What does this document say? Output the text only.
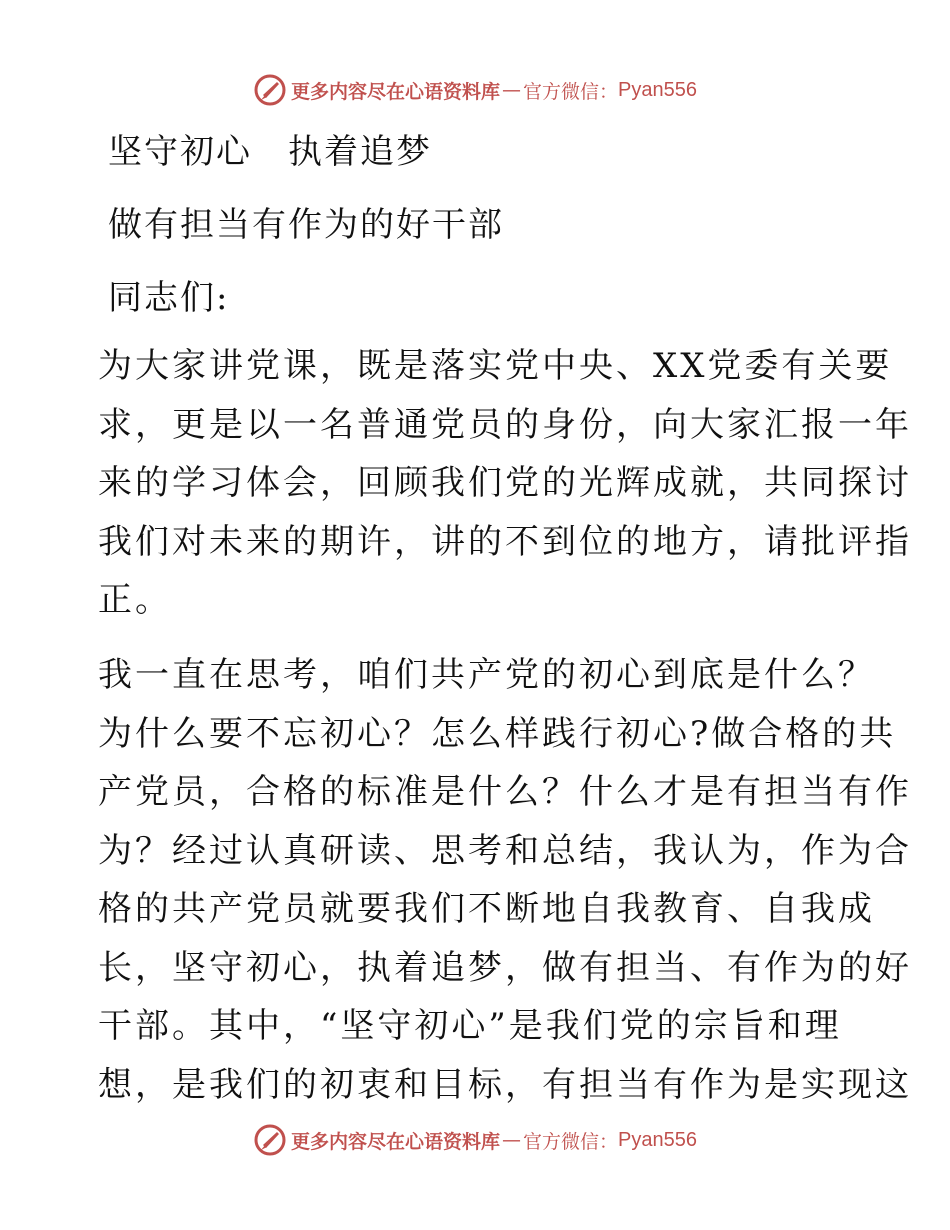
更多内容尽在心语资料库 — 官方微信： Pyan556
坚守初心　执着追梦
做有担当有作为的好干部
同志们:
为大家讲党课，既是落实党中央、XX党委有关要
求，更是以一名普通党员的身份，向大家汇报一年
来的学习体会，回顾我们党的光辉成就，共同探讨
我们对未来的期许，讲的不到位的地方，请批评指
正。
我一直在思考，咱们共产党的初心到底是什么？
为什么要不忘初心？怎么样践行初心?做合格的共
产党员，合格的标准是什么？什么才是有担当有作
为？经过认真研读、思考和总结，我认为，作为合
格的共产党员就要我们不断地自我教育、自我成
长，坚守初心，执着追梦，做有担当、有作为的好
干部。其中，“坚守初心”是我们党的宗旨和理
想，是我们的初衷和目标，有担当有作为是实现这
更多内容尽在心语资料库 — 官方微信： Pyan556
